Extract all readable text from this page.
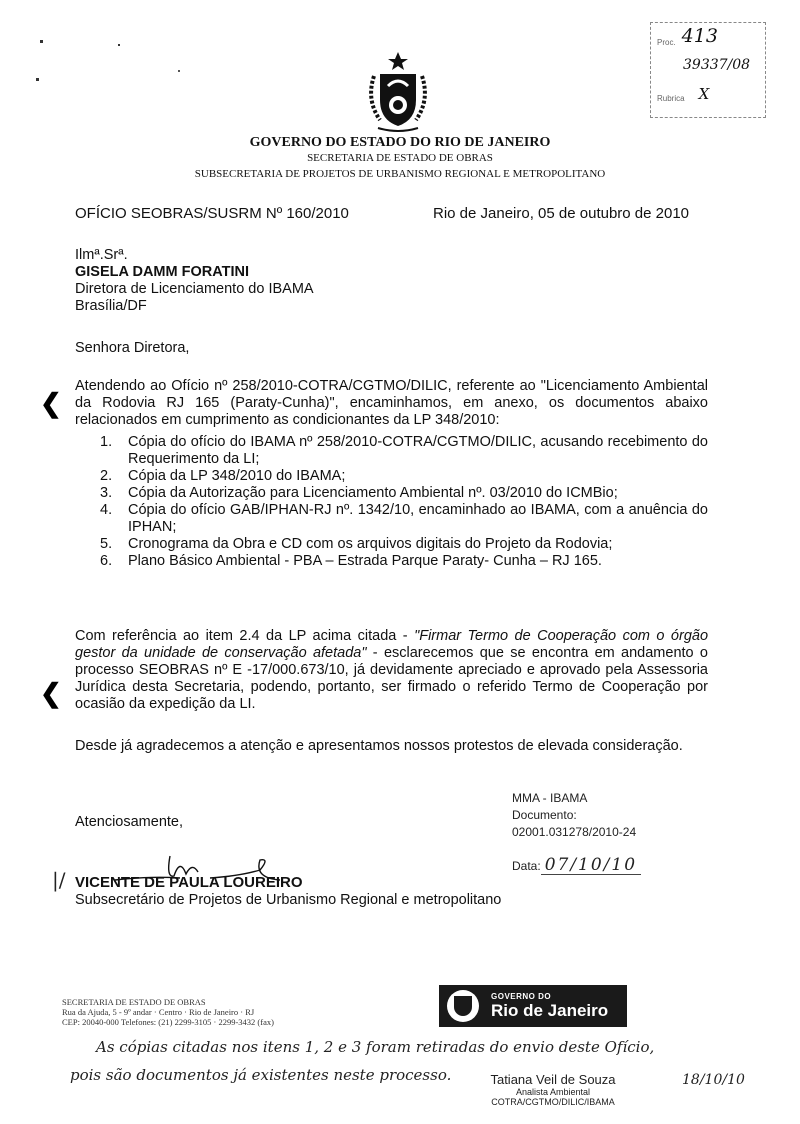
Proc. 413
39337/08
Rubrica X
GOVERNO DO ESTADO DO RIO DE JANEIRO
SECRETARIA DE ESTADO DE OBRAS
SUBSECRETARIA DE PROJETOS DE URBANISMO REGIONAL E METROPOLITANO
OFÍCIO SEOBRAS/SUSRM Nº 160/2010	Rio de Janeiro, 05 de outubro de 2010
Ilmª.Srª.
GISELA DAMM FORATINI
Diretora de Licenciamento do IBAMA
Brasília/DF
Senhora Diretora,
❮
❮
Atendendo ao Ofício nº 258/2010-COTRA/CGTMO/DILIC, referente ao "Licenciamento Ambiental da Rodovia RJ 165 (Paraty-Cunha)", encaminhamos, em anexo, os documentos abaixo relacionados em cumprimento as condicionantes da LP 348/2010:
1. Cópia do ofício do IBAMA nº 258/2010-COTRA/CGTMO/DILIC, acusando recebimento do Requerimento da LI;
2. Cópia da LP 348/2010 do IBAMA;
3. Cópia da Autorização para Licenciamento Ambiental nº. 03/2010 do ICMBio;
4. Cópia do ofício GAB/IPHAN-RJ nº. 1342/10, encaminhado ao IBAMA, com a anuência do IPHAN;
5. Cronograma da Obra e CD com os arquivos digitais do Projeto da Rodovia;
6. Plano Básico Ambiental - PBA – Estrada Parque Paraty- Cunha – RJ 165.
Com referência ao item 2.4 da LP acima citada - "Firmar Termo de Cooperação com o órgão gestor da unidade de conservação afetada" - esclarecemos que se encontra em andamento o processo SEOBRAS nº E -17/000.673/10, já devidamente apreciado e aprovado pela Assessoria Jurídica desta Secretaria, podendo, portanto, ser firmado o referido Termo de Cooperação por ocasião da expedição da LI.
Desde já agradecemos a atenção e apresentamos nossos protestos de elevada consideração.
MMA - IBAMA
Documento:
02001.031278/2010-24
Data: 07/10/10
Atenciosamente,
|/ VICENTE DE PAULA LOUREIRO
Subsecretário de Projetos de Urbanismo Regional e metropolitano
SECRETARIA DE ESTADO DE OBRAS
Rua da Ajuda, 5 - 9º andar · Centro · Rio de Janeiro · RJ
CEP: 20040-000 Telefones: (21) 2299-3105 · 2299-3432 (fax)
GOVERNO DO
Rio de Janeiro
As cópias citadas nos itens 1, 2 e 3 foram retiradas do envio deste Ofício,
pois são documentos já existentes neste processo.	Tatiana Veil de Souza
Analista Ambiental
COTRA/CGTMO/DILIC/IBAMA
18/10/10
